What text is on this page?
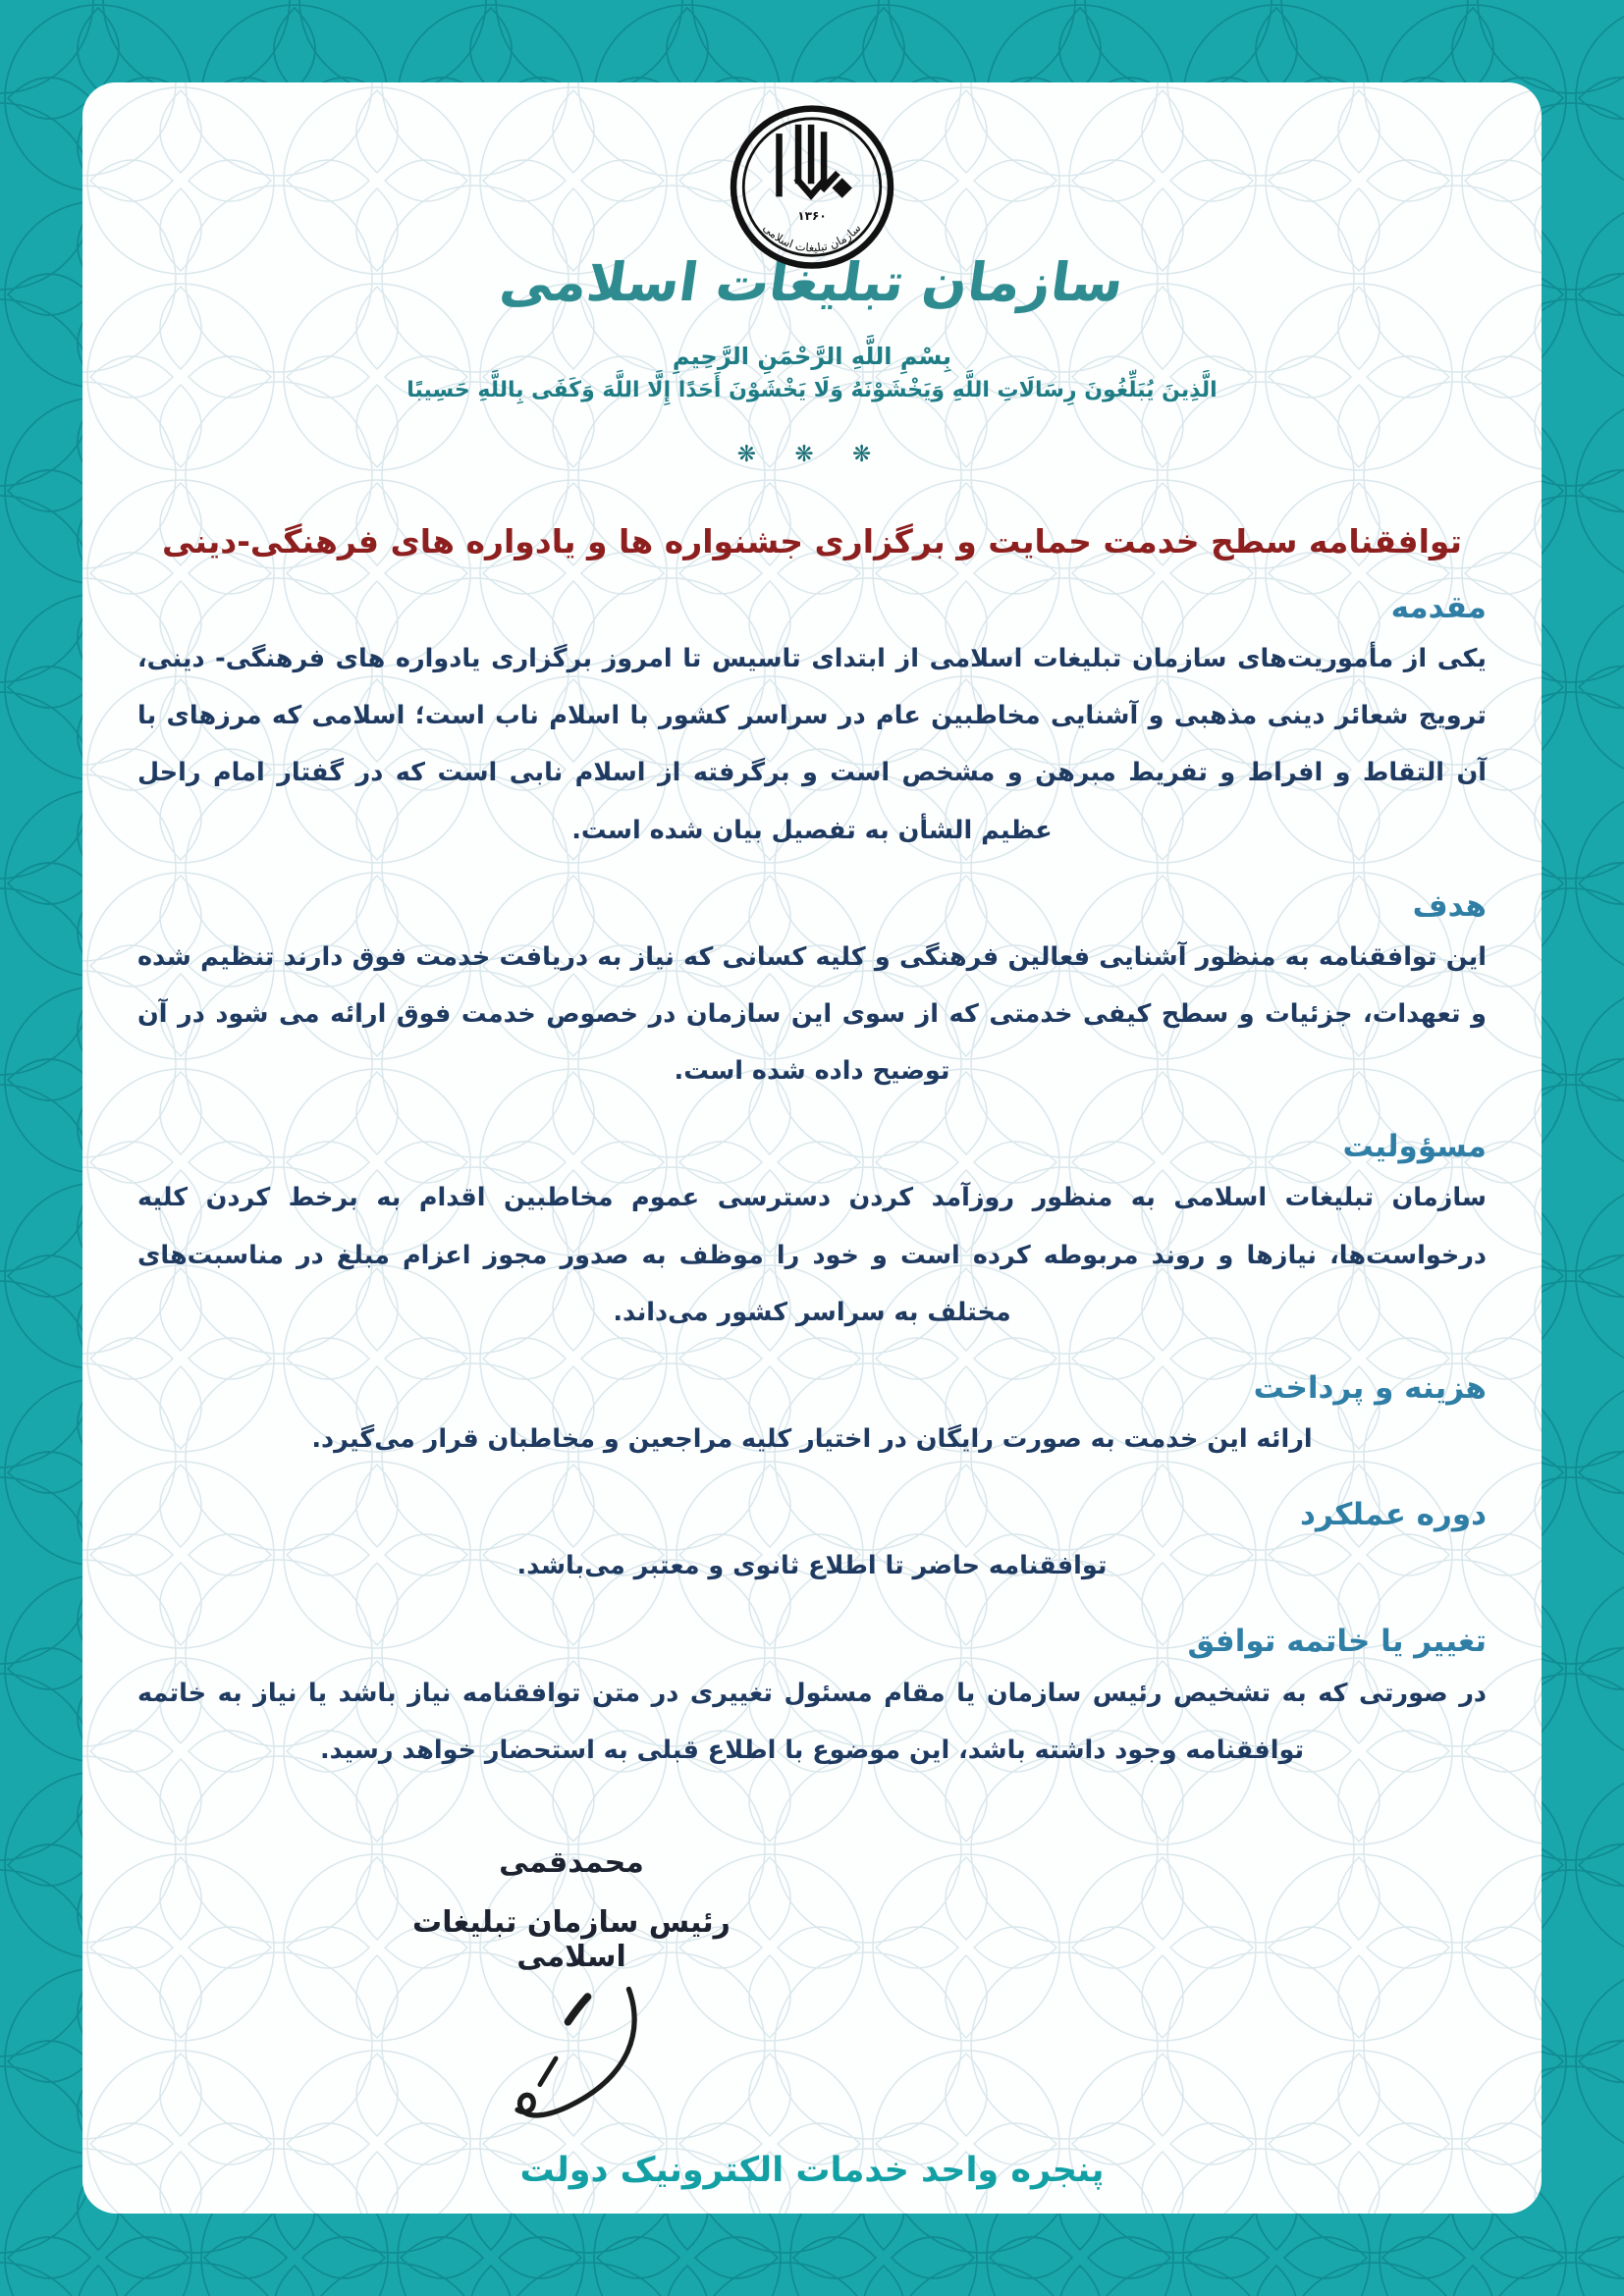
۱۳۶۰
سازمان تبلیغات اسلامی
سازمان تبلیغات اسلامی
بِسْمِ اللَّهِ الرَّحْمَنِ الرَّحِيمِ
الَّذِينَ يُبَلِّغُونَ رِسَالَاتِ اللَّهِ وَيَخْشَوْنَهُ وَلَا يَخْشَوْنَ أَحَدًا إِلَّا اللَّهَ وَكَفَى بِاللَّهِ حَسِيبًا
❋ ❋ ❋
توافقنامه سطح خدمت حمایت و برگزاری جشنواره ها و یادواره های فرهنگی-دینی
مقدمه

یکی از مأموریت‌های سازمان تبلیغات اسلامی از ابتدای تاسیس تا امروز برگزاری یادواره های فرهنگی- دینی، ترویج شعائر دینی مذهبی و آشنایی مخاطبین عام در سراسر کشور با اسلام ناب است؛ اسلامی که مرزهای با آن التقاط و افراط و تفریط مبرهن و مشخص است و برگرفته از اسلام نابی است که در گفتار امام راحل عظیم الشأن به تفصیل بیان شده است.

هدف

این توافقنامه به منظور آشنایی فعالین فرهنگی و کلیه کسانی که نیاز به دریافت خدمت فوق دارند تنظیم شده و تعهدات، جزئیات و سطح کیفی خدمتی که از سوی این سازمان در خصوص خدمت فوق ارائه می شود در آن توضیح داده شده است.

مسؤولیت

سازمان تبلیغات اسلامی به منظور روزآمد کردن دسترسی عموم مخاطبین اقدام به برخط کردن کلیه درخواست‌ها، نیازها و روند مربوطه کرده است و خود را موظف به صدور مجوز اعزام مبلغ در مناسبت‌های مختلف به سراسر کشور می‌داند.

هزینه و پرداخت

ارائه این خدمت به صورت رایگان در اختیار کلیه مراجعین و مخاطبان قرار می‌گیرد.

دوره عملکرد

توافقنامه حاضر تا اطلاع ثانوی و معتبر می‌باشد.

تغییر یا خاتمه توافق

در صورتی که به تشخیص رئیس سازمان یا مقام مسئول تغییری در متن توافقنامه نیاز باشد یا نیاز به خاتمه توافقنامه وجود داشته باشد، این موضوع با اطلاع قبلی به استحضار خواهد رسید.

محمدقمی
رئیس سازمان تبلیغات اسلامی
پنجره واحد خدمات الکترونیک دولت
